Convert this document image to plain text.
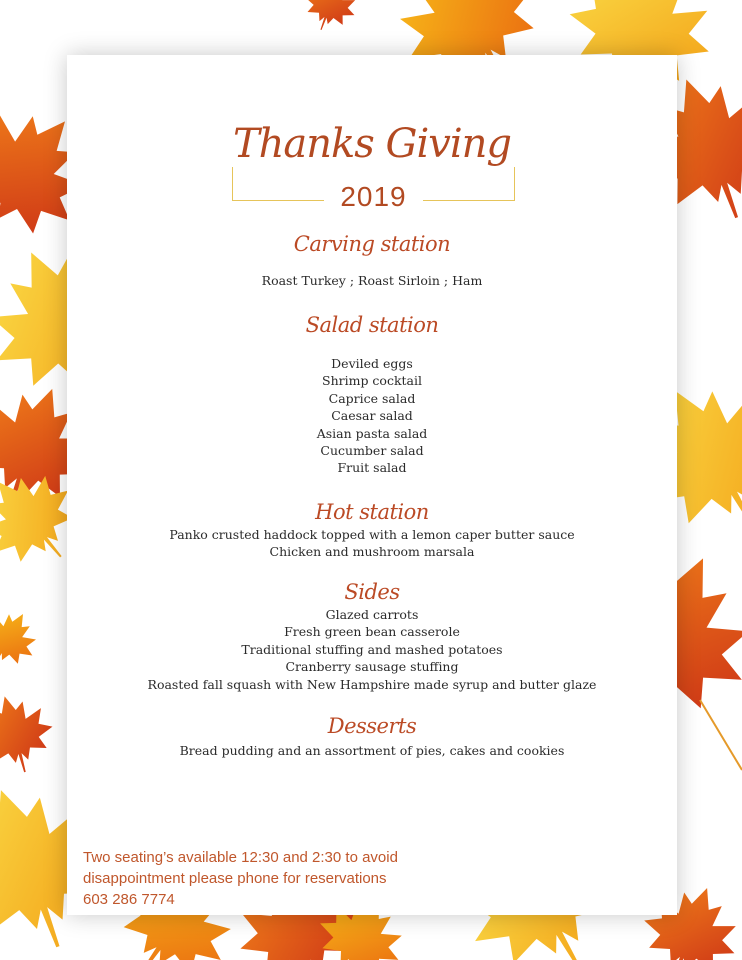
Thanks Giving
2019
Carving station
Roast Turkey ; Roast Sirloin ; Ham
Salad station
Deviled eggs
Shrimp cocktail
Caprice salad
Caesar salad
Asian pasta salad
Cucumber salad
Fruit salad
Hot station
Panko crusted haddock topped with a lemon caper butter sauce
Chicken and mushroom marsala
Sides
Glazed carrots
Fresh green bean casserole
Traditional stuffing and mashed potatoes
Cranberry sausage stuffing
Roasted fall squash with New Hampshire made syrup and butter glaze
Desserts
Bread pudding and an assortment of pies, cakes and cookies
Two seating’s available 12:30 and 2:30 to avoid
disappointment please phone for reservations
603 286 7774
